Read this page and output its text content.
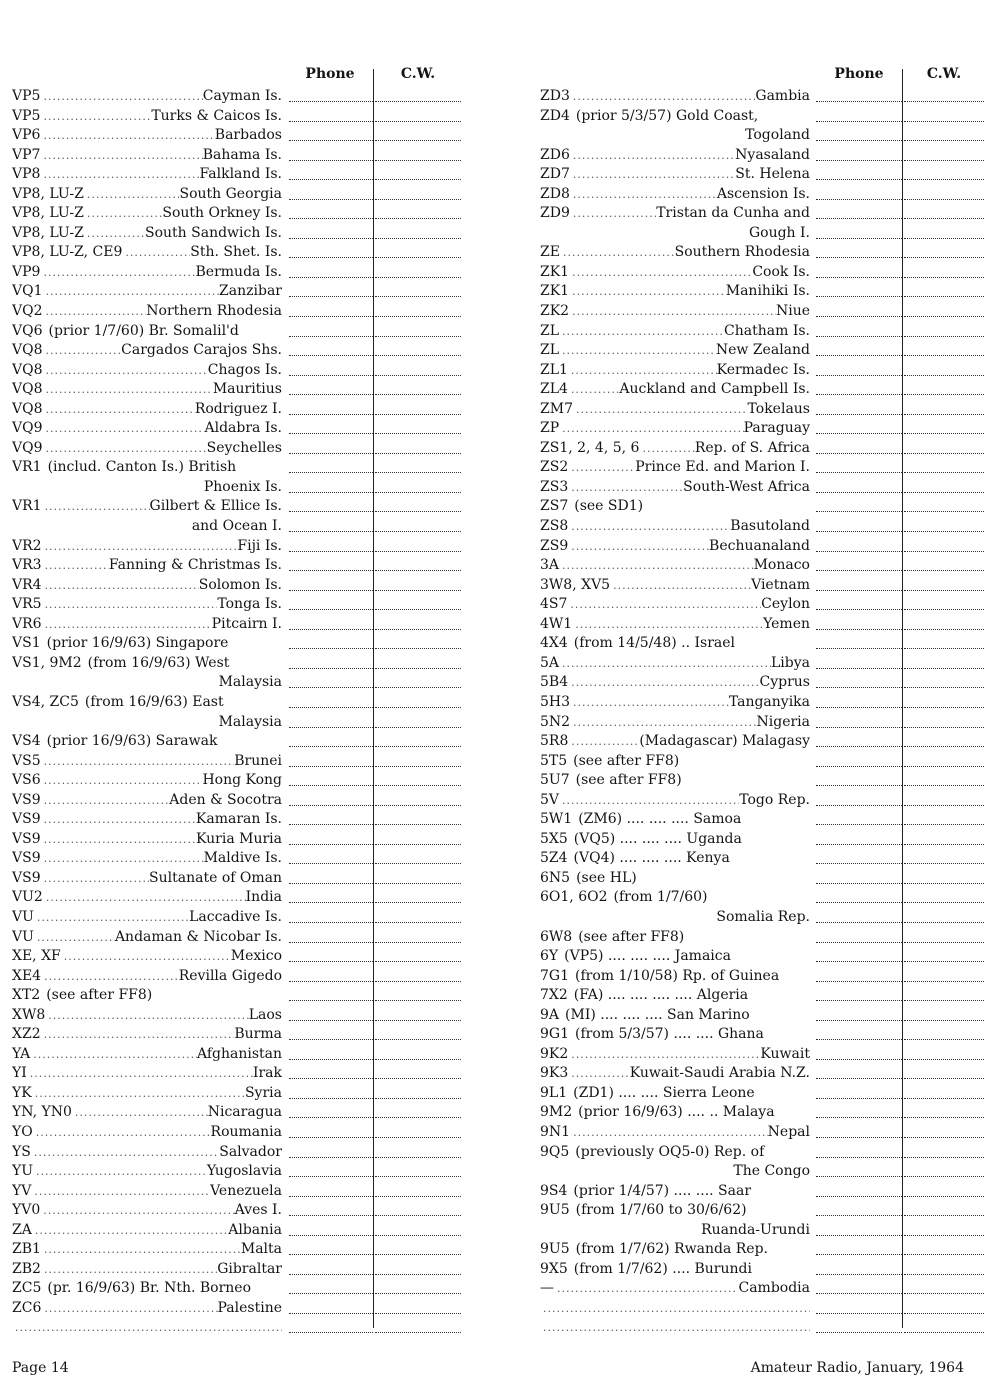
Phone	C.W.
VP5 .....	Cayman Is.
VP5 .....	Turks & Caicos Is.
VP6 .....	Barbados
VP7 .....	Bahama Is.
VP8 .....	Falkland Is.
VP8, LU-Z .....	South Georgia
VP8, LU-Z .....	South Orkney Is.
VP8, LU-Z .....	South Sandwich Is.
VP8, LU-Z, CE9 .....	Sth. Shet. Is.
VP9 .....	Bermuda Is.
VQ1 .....	Zanzibar
VQ2 .....	Northern Rhodesia
VQ6 (prior 1/7/60) Br. Somalil'd
VQ8 .....	Cargados Carajos Shs.
VQ8 .....	Chagos Is.
VQ8 .....	Mauritius
VQ8 .....	Rodriguez I.
VQ9 .....	Aldabra Is.
VQ9 .....	Seychelles
VR1 (includ. Canton Is.) British
Phoenix Is.
VR1 .....	Gilbert & Ellice Is.
and Ocean I.
VR2 .....	Fiji Is.
VR3 .....	Fanning & Christmas Is.
VR4 .....	Solomon Is.
VR5 .....	Tonga Is.
VR6 .....	Pitcairn I.
VS1 (prior 16/9/63) Singapore
VS1, 9M2 (from 16/9/63) West
Malaysia
VS4, ZC5 (from 16/9/63) East
Malaysia
VS4 (prior 16/9/63) Sarawak
VS5 .....	Brunei
VS6 .....	Hong Kong
VS9 .....	Aden & Socotra
VS9 .....	Kamaran Is.
VS9 .....	Kuria Muria
VS9 .....	Maldive Is.
VS9 .....	Sultanate of Oman
VU2 .....	India
VU .....	Laccadive Is.
VU .....	Andaman & Nicobar Is.
XE, XF .....	Mexico
XE4 .....	Revilla Gigedo
XT2 (see after FF8)
XW8 .....	Laos
XZ2 .....	Burma
YA .....	Afghanistan
YI .....	Irak
YK .....	Syria
YN, YN0 .....	Nicaragua
YO .....	Roumania
YS .....	Salvador
YU .....	Yugoslavia
YV .....	Venezuela
YV0 .....	Aves I.
ZA .....	Albania
ZB1 .....	Malta
ZB2 .....	Gibraltar
ZC5 (pr. 16/9/63) Br. Nth. Borneo
ZC6 .....	Palestine
.....
Phone	C.W.
ZD3 .....	Gambia
ZD4 (prior 5/3/57) Gold Coast,
Togoland
ZD6 .....	Nyasaland
ZD7 .....	St. Helena
ZD8 .....	Ascension Is.
ZD9 .....	Tristan da Cunha and
Gough I.
ZE .....	Southern Rhodesia
ZK1 .....	Cook Is.
ZK1 .....	Manihiki Is.
ZK2 .....	Niue
ZL .....	Chatham Is.
ZL .....	New Zealand
ZL1 .....	Kermadec Is.
ZL4 .....	Auckland and Campbell Is.
ZM7 .....	Tokelaus
ZP .....	Paraguay
ZS1, 2, 4, 5, 6 .....	Rep. of S. Africa
ZS2 .....	Prince Ed. and Marion I.
ZS3 .....	South-West Africa
ZS7 (see SD1)
ZS8 .....	Basutoland
ZS9 .....	Bechuanaland
3A .....	Monaco
3W8, XV5 .....	Vietnam
4S7 .....	Ceylon
4W1 .....	Yemen
4X4 (from 14/5/48) .. Israel
5A .....	Libya
5B4 .....	Cyprus
5H3 .....	Tanganyika
5N2 .....	Nigeria
5R8 .....	(Madagascar) Malagasy
5T5 (see after FF8)
5U7 (see after FF8)
5V .....	Togo Rep.
5W1 (ZM6) .... .... .... Samoa
5X5 (VQ5) .... .... .... Uganda
5Z4 (VQ4) .... .... .... Kenya
6N5 (see HL)
6O1, 6O2 (from 1/7/60)
Somalia Rep.
6W8 (see after FF8)
6Y (VP5) .... .... .... Jamaica
7G1 (from 1/10/58) Rp. of Guinea
7X2 (FA) .... .... .... .... Algeria
9A (MI) .... .... .... San Marino
9G1 (from 5/3/57) .... .... Ghana
9K2 .....	Kuwait
9K3 .....	Kuwait-Saudi Arabia N.Z.
9L1 (ZD1) .... .... Sierra Leone
9M2 (prior 16/9/63) .... .. Malaya
9N1 .....	Nepal
9Q5 (previously OQ5-0) Rep. of
The Congo
9S4 (prior 1/4/57) .... .... Saar
9U5 (from 1/7/60 to 30/6/62)
Ruanda-Urundi
9U5 (from 1/7/62) Rwanda Rep.
9X5 (from 1/7/62) .... Burundi
— .....	Cambodia
.....
.....
Page 14	Amateur Radio, January, 1964
